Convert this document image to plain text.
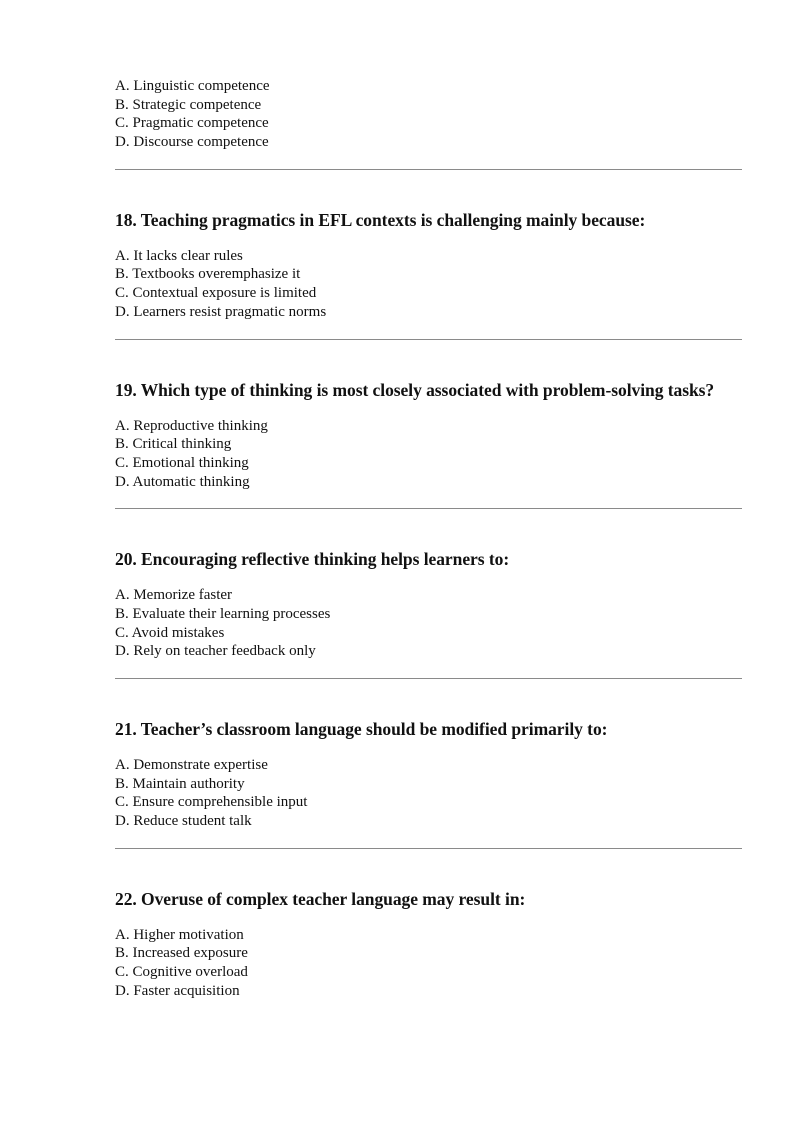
A. Linguistic competence
B. Strategic competence
C. Pragmatic competence
D. Discourse competence
18. Teaching pragmatics in EFL contexts is challenging mainly because:
A. It lacks clear rules
B. Textbooks overemphasize it
C. Contextual exposure is limited
D. Learners resist pragmatic norms
19. Which type of thinking is most closely associated with problem-solving tasks?
A. Reproductive thinking
B. Critical thinking
C. Emotional thinking
D. Automatic thinking
20. Encouraging reflective thinking helps learners to:
A. Memorize faster
B. Evaluate their learning processes
C. Avoid mistakes
D. Rely on teacher feedback only
21. Teacher’s classroom language should be modified primarily to:
A. Demonstrate expertise
B. Maintain authority
C. Ensure comprehensible input
D. Reduce student talk
22. Overuse of complex teacher language may result in:
A. Higher motivation
B. Increased exposure
C. Cognitive overload
D. Faster acquisition
